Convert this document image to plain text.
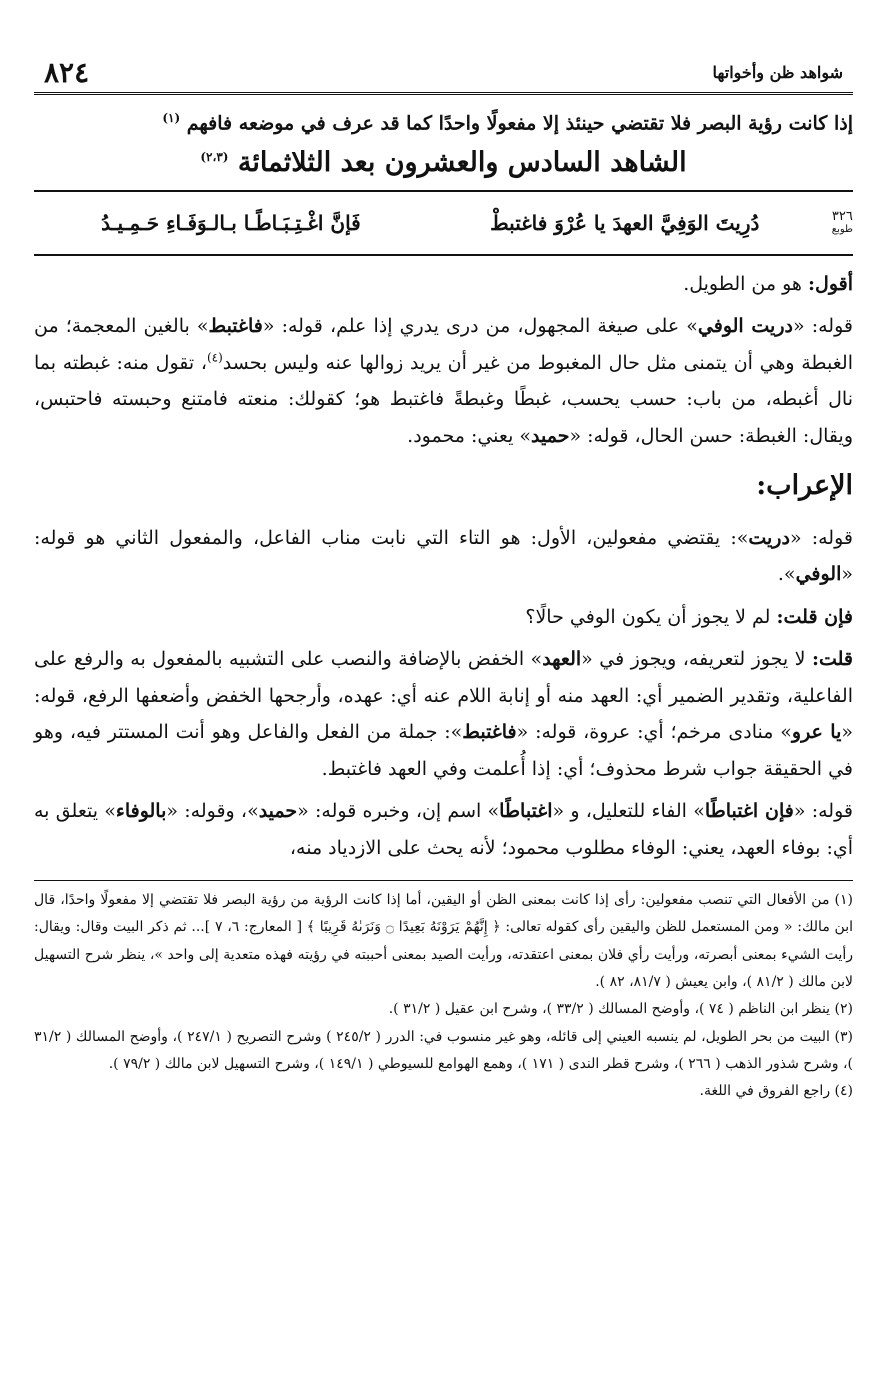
شواهد ظن وأخواتها
٨٢٤
إذا كانت رؤية البصر فلا تقتضي حينئذ إلا مفعولًا واحدًا كما قد عرف في موضعه فافهم $^{(١)}$
الشاهد السادس والعشرون بعد الثلاثمائة $^{(٢،٣)}$
٣٢٦
طوبع
دُرِيتَ الوَفِيَّ العهدَ يا عُرْوَ فاغتبطْ
فَإنَّ اغْـتِـبَـاطًـا بـالـوَفَـاءِ حَـمِـيـدُ

أقول: هو من الطويل.

قوله: «دريت الوفي» على صيغة المجهول، من درى يدري إذا علم، قوله: «فاغتبط» بالغين المعجمة؛ من الغبطة وهي أن يتمنى مثل حال المغبوط من غير أن يريد زوالها عنه وليس بحسد$^{(٤)}$، تقول منه: غبطته بما نال أغبطه، من باب: حسب يحسب، غبطًا وغبطةً فاغتبط هو؛ كقولك: منعته فامتنع وحبسته فاحتبس، ويقال: الغبطة: حسن الحال، قوله: «حميد» يعني: محمود.

الإعراب:

قوله: «دريت»: يقتضي مفعولين، الأول: هو التاء التي نابت مناب الفاعل، والمفعول الثاني هو قوله: «الوفي».

فإن قلت: لم لا يجوز أن يكون الوفي حالًا؟

قلت: لا يجوز لتعريفه، ويجوز في «العهد» الخفض بالإضافة والنصب على التشبيه بالمفعول به والرفع على الفاعلية، وتقدير الضمير أي: العهد منه أو إنابة اللام عنه أي: عهده، وأرجحها الخفض وأضعفها الرفع، قوله: «يا عرو» منادى مرخم؛ أي: عروة، قوله: «فاغتبط»: جملة من الفعل والفاعل وهو أنت المستتر فيه، وهو في الحقيقة جواب شرط محذوف؛ أي: إذا أُعلمت وفي العهد فاغتبط.

قوله: «فإن اغتباطًا» الفاء للتعليل، و «اغتباطًا» اسم إن، وخبره قوله: «حميد»، وقوله: «بالوفاء» يتعلق به أي: بوفاء العهد، يعني: الوفاء مطلوب محمود؛ لأنه يحث على الازدياد منه،

(١) من الأفعال التي تنصب مفعولين: رأى إذا كانت بمعنى الظن أو اليقين، أما إذا كانت الرؤية من رؤية البصر فلا تقتضي إلا مفعولًا واحدًا، قال ابن مالك: « ومن المستعمل للظن واليقين رأى كقوله تعالى: ﴿ إِنَّهُمْ يَرَوْنَهُ بَعِيدًا ۝ وَنَرَىٰهُ قَرِيبًا ﴾ [ المعارج: ٦، ٧ ]... ثم ذكر البيت وقال: ويقال: رأيت الشيء بمعنى أبصرته، ورأيت رأي فلان بمعنى اعتقدته، ورأيت الصيد بمعنى أحببته في رؤيته فهذه متعدية إلى واحد »، ينظر شرح التسهيل لابن مالك ( ٨١/٢ )، وابن يعيش ( ٨١/٧، ٨٢ ).

(٢) ينظر ابن الناظم ( ٧٤ )، وأوضح المسالك ( ٣٣/٢ )، وشرح ابن عقيل ( ٣١/٢ ).

(٣) البيت من بحر الطويل، لم ينسبه العيني إلى قائله، وهو غير منسوب في: الدرر ( ٢٤٥/٢ ) وشرح التصريح ( ٢٤٧/١ )، وأوضح المسالك ( ٣١/٢ )، وشرح شذور الذهب ( ٢٦٦ )، وشرح قطر الندى ( ١٧١ )، وهمع الهوامع للسيوطي ( ١٤٩/١ )، وشرح التسهيل لابن مالك ( ٧٩/٢ ).

(٤) راجع الفروق في اللغة.
